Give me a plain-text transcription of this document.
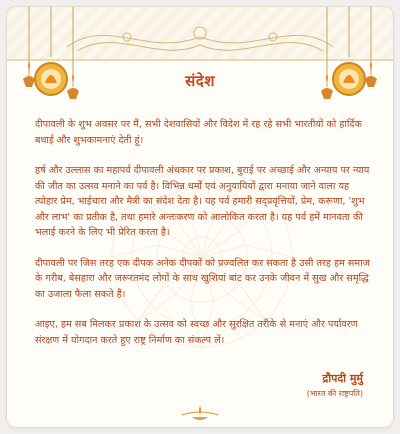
संदेश

दीपावली के शुभ अवसर पर मैं, सभी देशवासियों और विदेश में रह रहे सभी भारतीयों को हार्दिक बधाई और शुभकामनाएं देती हूं।

हर्ष और उल्लास का महापर्व दीपावली अंधकार पर प्रकाश, बुराई पर अच्छाई और अन्याय पर न्याय की जीत का उत्सव मनाने का पर्व है। विभिन्न धर्मों एवं अनुयायियों द्वारा मनाया जाने वाला यह त्योहार प्रेम, भाईचारा और मैत्री का संदेश देता है। यह पर्व हमारी सद्प्रवृत्तियों, प्रेम, करूणा, 'शुभ और लाभ' का प्रतीक है, तथा हमारे अन्तःकरण को आलोकित करता है। यह पर्व हमें मानवता की भलाई करने के लिए भी प्रेरित करता है।

दीपावली पर जिस तरह एक दीपक अनेक दीपकों को प्रज्वलित कर सकता है उसी तरह हम समाज के गरीब, बेसहारा और जरूरतमंद लोगों के साथ खुशियां बांट कर उनके जीवन में सुख और समृद्धि का उजाला फैला सकते हैं।

आइए, हम सब मिलकर प्रकाश के उत्सव को स्वच्छ और सुरक्षित तरीके से मनाएं और पर्यावरण संरक्षण में योगदान करते हुए राष्ट्र निर्माण का संकल्प लें।

द्रौपदी मुर्मु
(भारत की राष्ट्रपति)
